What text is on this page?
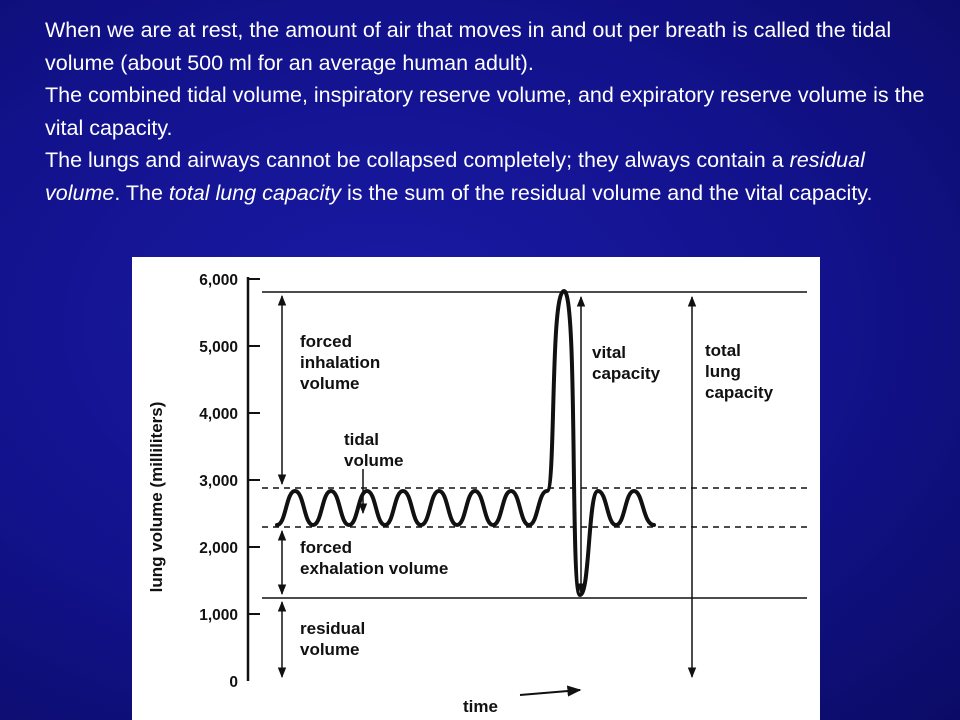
When we are at rest, the amount of air that moves in and out per breath is called the tidal volume (about 500 ml for an average human adult).

The combined tidal volume, inspiratory reserve volume, and expiratory reserve volume is the vital capacity.

The lungs and airways cannot be collapsed completely; they always contain a residual volume. The total lung capacity is the sum of the residual volume and the vital capacity.

6,000
5,000
4,000
3,000
2,000
1,000
0
lung volume (milliliters)
forced inhalation volume
tidal volume
forced exhalation volume
residual volume
vital capacity
total lung capacity
time
